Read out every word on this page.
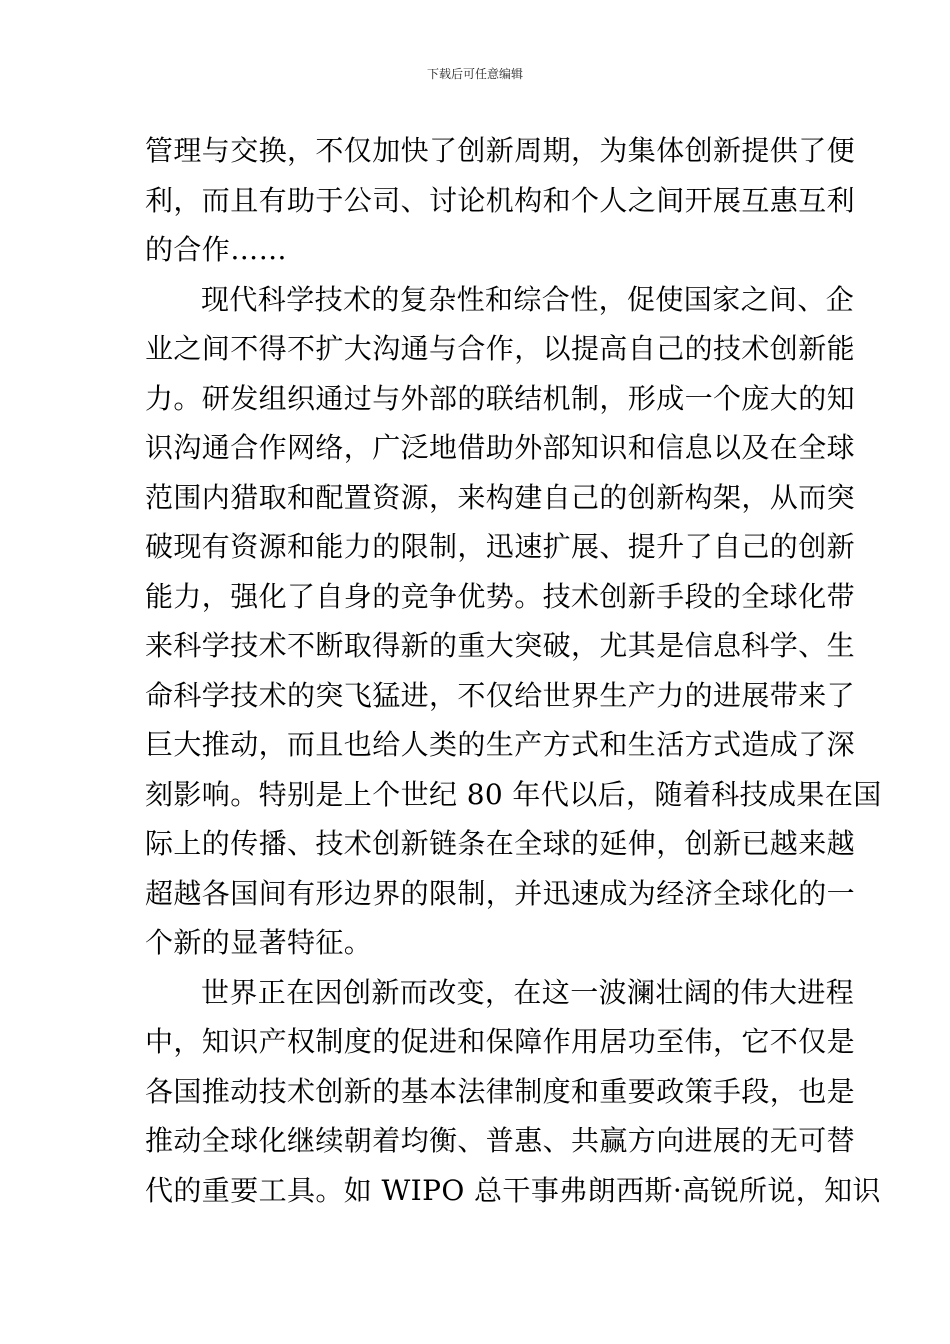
下载后可任意编辑
管理与交换，不仅加快了创新周期，为集体创新提供了便
利，而且有助于公司、讨论机构和个人之间开展互惠互利
的合作……
现代科学技术的复杂性和综合性，促使国家之间、企
业之间不得不扩大沟通与合作，以提高自己的技术创新能
力。研发组织通过与外部的联结机制，形成一个庞大的知
识沟通合作网络，广泛地借助外部知识和信息以及在全球
范围内猎取和配置资源，来构建自己的创新构架，从而突
破现有资源和能力的限制，迅速扩展、提升了自己的创新
能力，强化了自身的竞争优势。技术创新手段的全球化带
来科学技术不断取得新的重大突破，尤其是信息科学、生
命科学技术的突飞猛进，不仅给世界生产力的进展带来了
巨大推动，而且也给人类的生产方式和生活方式造成了深
刻影响。特别是上个世纪 80 年代以后，随着科技成果在国
际上的传播、技术创新链条在全球的延伸，创新已越来越
超越各国间有形边界的限制，并迅速成为经济全球化的一
个新的显著特征。
世界正在因创新而改变，在这一波澜壮阔的伟大进程
中，知识产权制度的促进和保障作用居功至伟，它不仅是
各国推动技术创新的基本法律制度和重要政策手段，也是
推动全球化继续朝着均衡、普惠、共赢方向进展的无可替
代的重要工具。如 WIPO 总干事弗朗西斯·高锐所说，知识
